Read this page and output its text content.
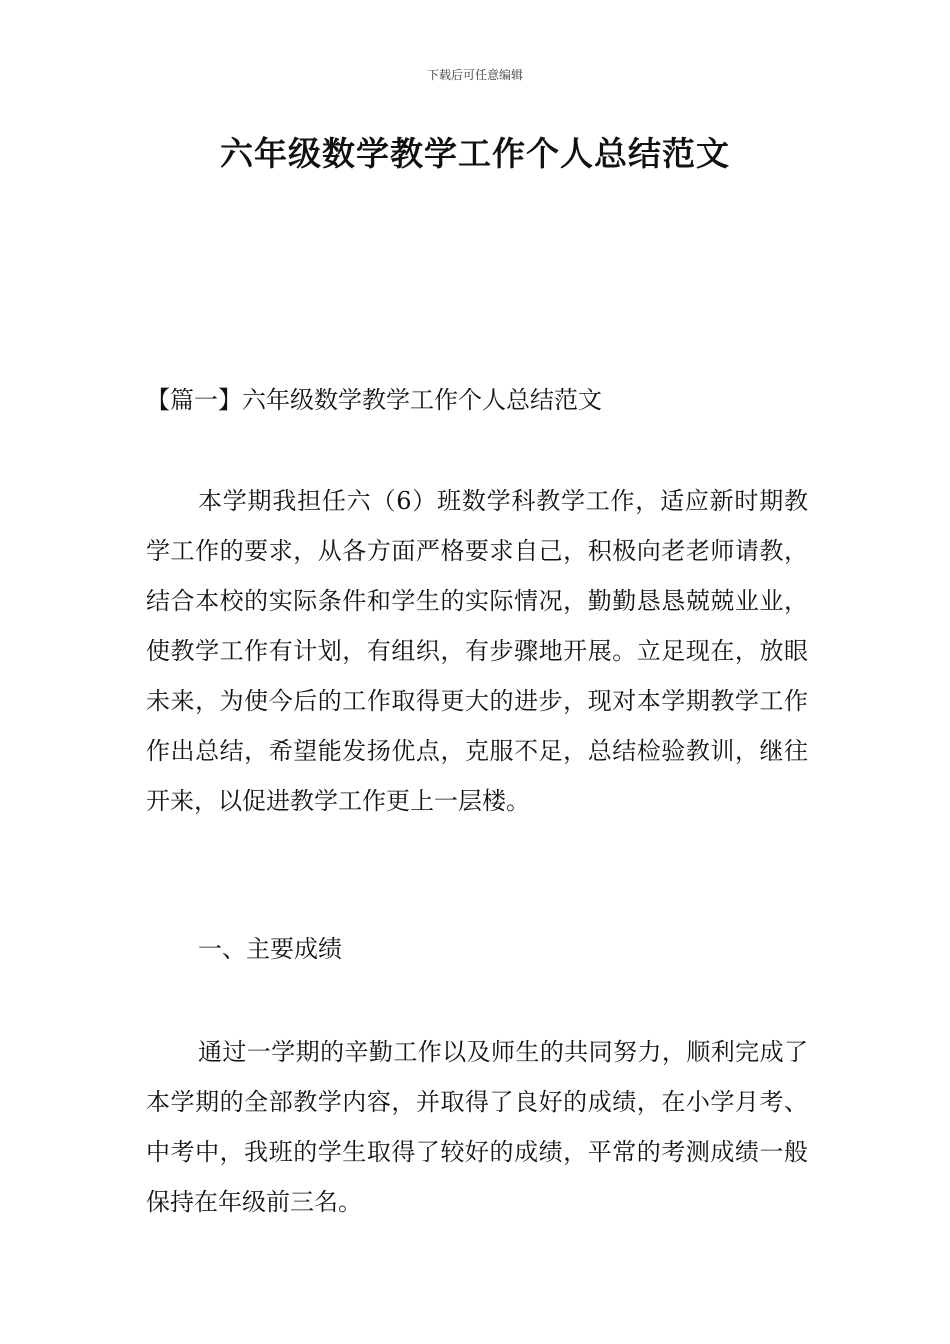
下载后可任意编辑
六年级数学教学工作个人总结范文

【篇一】六年级数学教学工作个人总结范文

本学期我担任六（6）班数学科教学工作，适应新时期教学工作的要求，从各方面严格要求自己，积极向老老师请教，结合本校的实际条件和学生的实际情况，勤勤恳恳兢兢业业，使教学工作有计划，有组织，有步骤地开展。立足现在，放眼未来，为使今后的工作取得更大的进步，现对本学期教学工作作出总结，希望能发扬优点，克服不足，总结检验教训，继往开来，以促进教学工作更上一层楼。

一、主要成绩

通过一学期的辛勤工作以及师生的共同努力，顺利完成了本学期的全部教学内容，并取得了良好的成绩，在小学月考、中考中，我班的学生取得了较好的成绩，平常的考测成绩一般保持在年级前三名。
